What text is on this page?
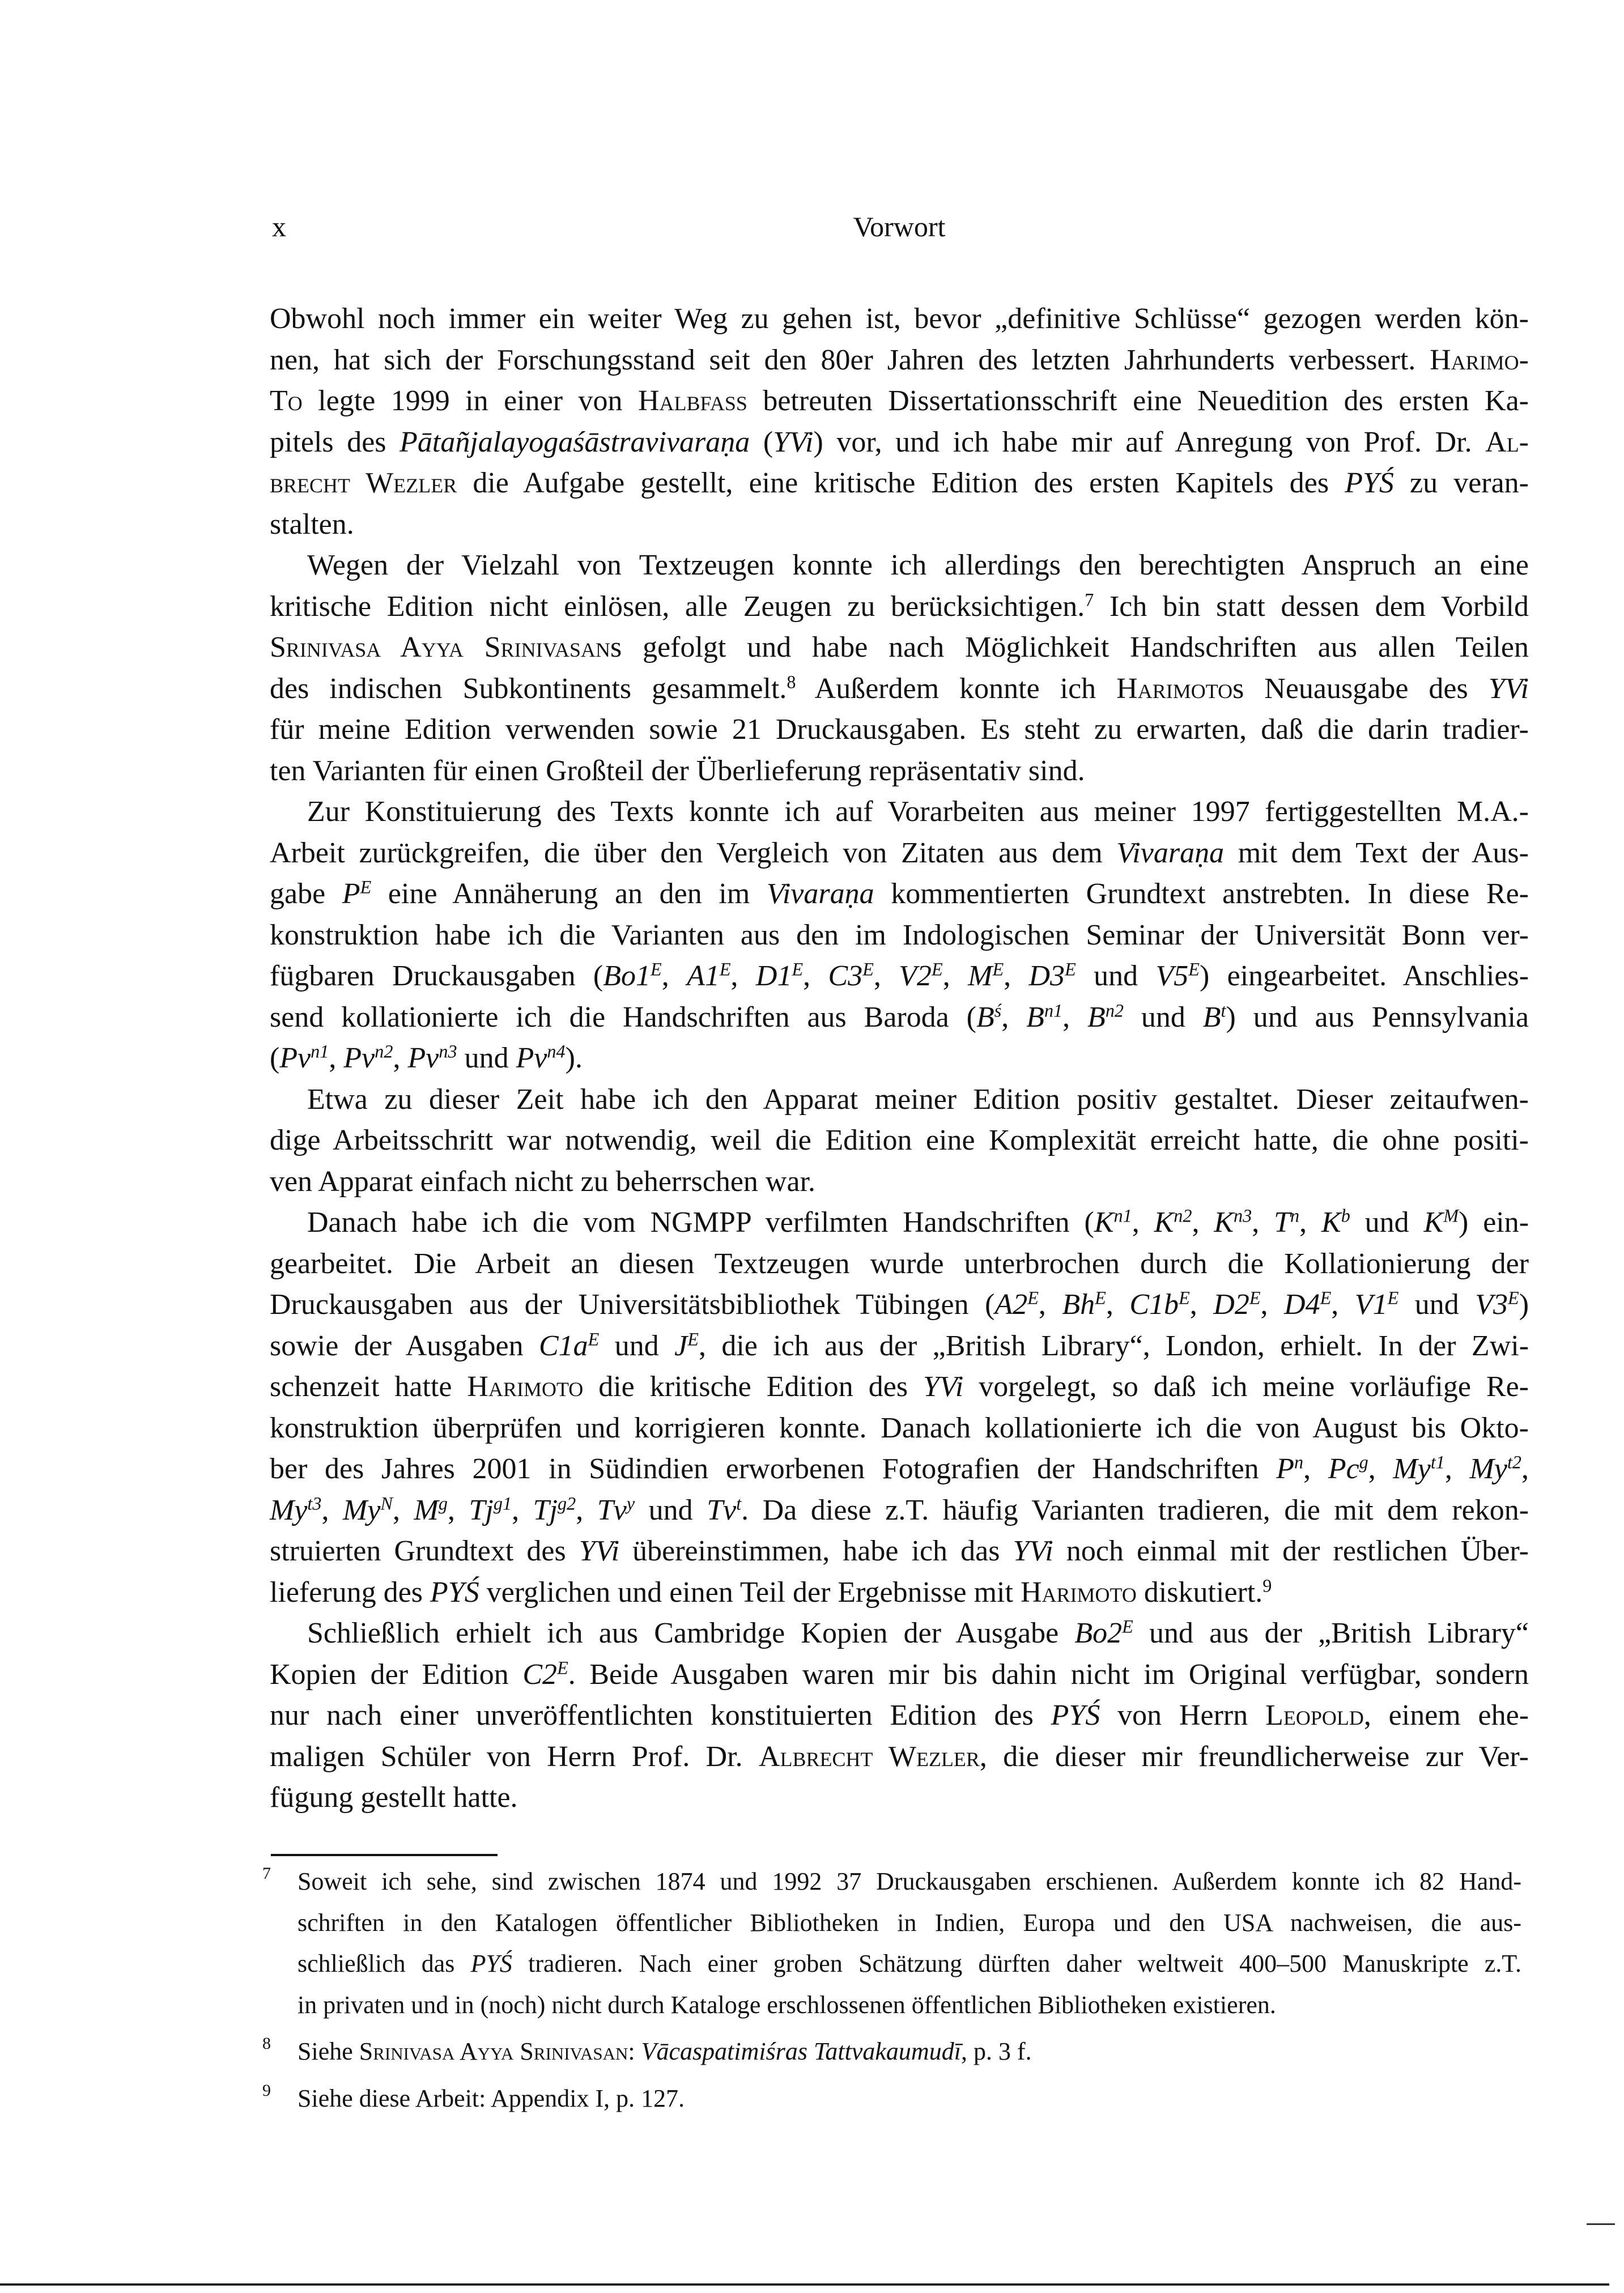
x	Vorwort
Obwohl noch immer ein weiter Weg zu gehen ist, bevor „definitive Schlüsse“ gezogen werden kön-
nen, hat sich der Forschungsstand seit den 80er Jahren des letzten Jahrhunderts verbessert. Harimo-
To legte 1999 in einer von Halbfass betreuten Dissertationsschrift eine Neuedition des ersten Ka-
pitels des Pātañjalayogaśāstravivaraṇa (YVi) vor, und ich habe mir auf Anregung von Prof. Dr. Al-
brecht Wezler die Aufgabe gestellt, eine kritische Edition des ersten Kapitels des PYŚ zu veran-
stalten.
Wegen der Vielzahl von Textzeugen konnte ich allerdings den berechtigten Anspruch an eine
kritische Edition nicht einlösen, alle Zeugen zu berücksichtigen.$^7$ Ich bin statt dessen dem Vorbild
Srinivasa Ayya Srinivasans gefolgt und habe nach Möglichkeit Handschriften aus allen Teilen
des indischen Subkontinents gesammelt.$^8$ Außerdem konnte ich Harimotos Neuausgabe des YVi
für meine Edition verwenden sowie 21 Druckausgaben. Es steht zu erwarten, daß die darin tradier-
ten Varianten für einen Großteil der Überlieferung repräsentativ sind.
Zur Konstituierung des Texts konnte ich auf Vorarbeiten aus meiner 1997 fertiggestellten M.A.-
Arbeit zurückgreifen, die über den Vergleich von Zitaten aus dem Vivaraṇa mit dem Text der Aus-
gabe $P^E$ eine Annäherung an den im Vivaraṇa kommentierten Grundtext anstrebten. In diese Re-
konstruktion habe ich die Varianten aus den im Indologischen Seminar der Universität Bonn ver-
fügbaren Druckausgaben ($Bo1^E$, $A1^E$, $D1^E$, $C3^E$, $V2^E$, $M^E$, $D3^E$ und $V5^E$) eingearbeitet. Anschlies-
send kollationierte ich die Handschriften aus Baroda ($B^ś$, $B^{n1}$, $B^{n2}$ und $B^t$) und aus Pennsylvania
($Pv^{n1}$, $Pv^{n2}$, $Pv^{n3}$ und $Pv^{n4}$).
Etwa zu dieser Zeit habe ich den Apparat meiner Edition positiv gestaltet. Dieser zeitaufwen-
dige Arbeitsschritt war notwendig, weil die Edition eine Komplexität erreicht hatte, die ohne positi-
ven Apparat einfach nicht zu beherrschen war.
Danach habe ich die vom NGMPP verfilmten Handschriften ($K^{n1}$, $K^{n2}$, $K^{n3}$, $T^n$, $K^b$ und $K^M$) ein-
gearbeitet. Die Arbeit an diesen Textzeugen wurde unterbrochen durch die Kollationierung der
Druckausgaben aus der Universitätsbibliothek Tübingen ($A2^E$, $Bh^E$, $C1b^E$, $D2^E$, $D4^E$, $V1^E$ und $V3^E$)
sowie der Ausgaben $C1a^E$ und $J^E$, die ich aus der „British Library“, London, erhielt. In der Zwi-
schenzeit hatte Harimoto die kritische Edition des YVi vorgelegt, so daß ich meine vorläufige Re-
konstruktion überprüfen und korrigieren konnte. Danach kollationierte ich die von August bis Okto-
ber des Jahres 2001 in Südindien erworbenen Fotografien der Handschriften $P^n$, Pc$^g$, $My^{t1}$, $My^{t2}$,
$My^{t3}$, $My^N$, $M^g$, $Tj^{g1}$, $Tj^{g2}$, Tv$^y$ und Tv$^t$. Da diese z.T. häufig Varianten tradieren, die mit dem rekon-
struierten Grundtext des YVi übereinstimmen, habe ich das YVi noch einmal mit der restlichen Über-
lieferung des PYŚ verglichen und einen Teil der Ergebnisse mit Harimoto diskutiert.$^9$
Schließlich erhielt ich aus Cambridge Kopien der Ausgabe $Bo2^E$ und aus der „British Library“
Kopien der Edition $C2^E$. Beide Ausgaben waren mir bis dahin nicht im Original verfügbar, sondern
nur nach einer unveröffentlichten konstituierten Edition des PYŚ von Herrn Leopold, einem ehe-
maligen Schüler von Herrn Prof. Dr. Albrecht Wezler, die dieser mir freundlicherweise zur Ver-
fügung gestellt hatte.
7 Soweit ich sehe, sind zwischen 1874 und 1992 37 Druckausgaben erschienen. Außerdem konnte ich 82 Hand-
schriften in den Katalogen öffentlicher Bibliotheken in Indien, Europa und den USA nachweisen, die aus-
schließlich das PYŚ tradieren. Nach einer groben Schätzung dürften daher weltweit 400–500 Manuskripte z.T.
in privaten und in (noch) nicht durch Kataloge erschlossenen öffentlichen Bibliotheken existieren.
8 Siehe Srinivasa Ayya Srinivasan: Vācaspatimiśras Tattvakaumudī, p. 3 f.
9 Siehe diese Arbeit: Appendix I, p. 127.
